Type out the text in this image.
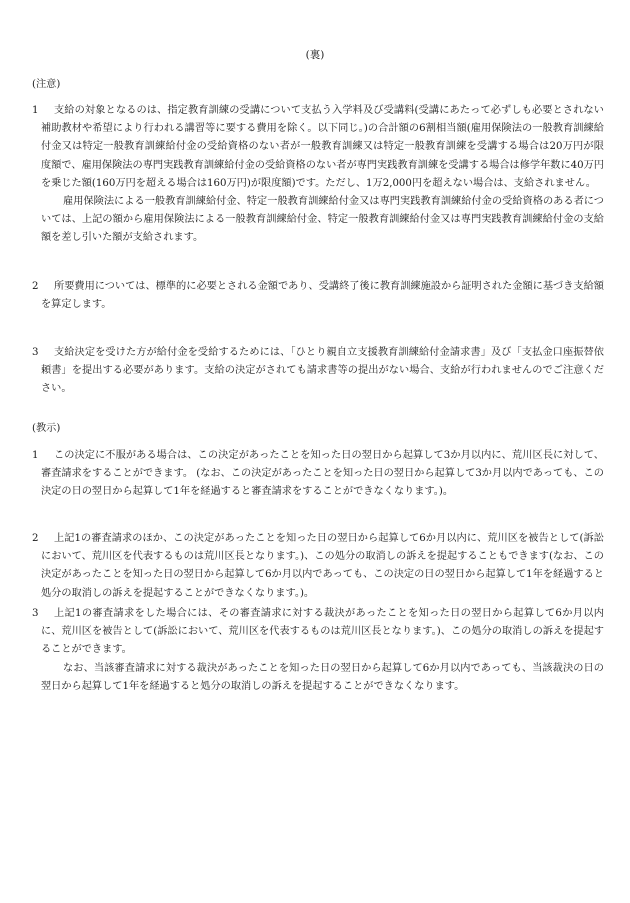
(裏)
(注意)
1	支給の対象となるのは、指定教育訓練の受講について支払う入学料及び受講料(受講にあたって必ずしも必要とされない補助教材や希望により行われる講習等に要する費用を除く。以下同じ。)の合計額の6割相当額(雇用保険法の一般教育訓練給付金又は特定一般教育訓練給付金の受給資格のない者が一般教育訓練又は特定一般教育訓練を受講する場合は20万円が限度額で、雇用保険法の専門実践教育訓練給付金の受給資格のない者が専門実践教育訓練を受講する場合は修学年数に40万円を乗じた額(160万円を超える場合は160万円)が限度額)です。ただし、1万2,000円を超えない場合は、支給されません。
雇用保険法による一般教育訓練給付金、特定一般教育訓練給付金又は専門実践教育訓練給付金の受給資格のある者については、上記の額から雇用保険法による一般教育訓練給付金、特定一般教育訓練給付金又は専門実践教育訓練給付金の支給額を差し引いた額が支給されます。
2	所要費用については、標準的に必要とされる金額であり、受講終了後に教育訓練施設から証明された金額に基づき支給額を算定します。
3	支給決定を受けた方が給付金を受給するためには、「ひとり親自立支援教育訓練給付金請求書」及び「支払金口座振替依頼書」を提出する必要があります。支給の決定がされても請求書等の提出がない場合、支給が行われませんのでご注意ください。
(教示)
1	この決定に不服がある場合は、この決定があったことを知った日の翌日から起算して3か月以内に、荒川区長に対して、審査請求をすることができます。 (なお、この決定があったことを知った日の翌日から起算して3か月以内であっても、この決定の日の翌日から起算して1年を経過すると審査請求をすることができなくなります。)。
2	上記1の審査請求のほか、この決定があったことを知った日の翌日から起算して6か月以内に、荒川区を被告として(訴訟において、荒川区を代表するものは荒川区長となります。)、この処分の取消しの訴えを提起することもできます(なお、この決定があったことを知った日の翌日から起算して6か月以内であっても、この決定の日の翌日から起算して1年を経過すると処分の取消しの訴えを提起することができなくなります。)。
3	上記1の審査請求をした場合には、その審査請求に対する裁決があったことを知った日の翌日から起算して6か月以内に、荒川区を被告として(訴訟において、荒川区を代表するものは荒川区長となります。)、この処分の取消しの訴えを提起することができます。
なお、当該審査請求に対する裁決があったことを知った日の翌日から起算して6か月以内であっても、当該裁決の日の翌日から起算して1年を経過すると処分の取消しの訴えを提起することができなくなります。
